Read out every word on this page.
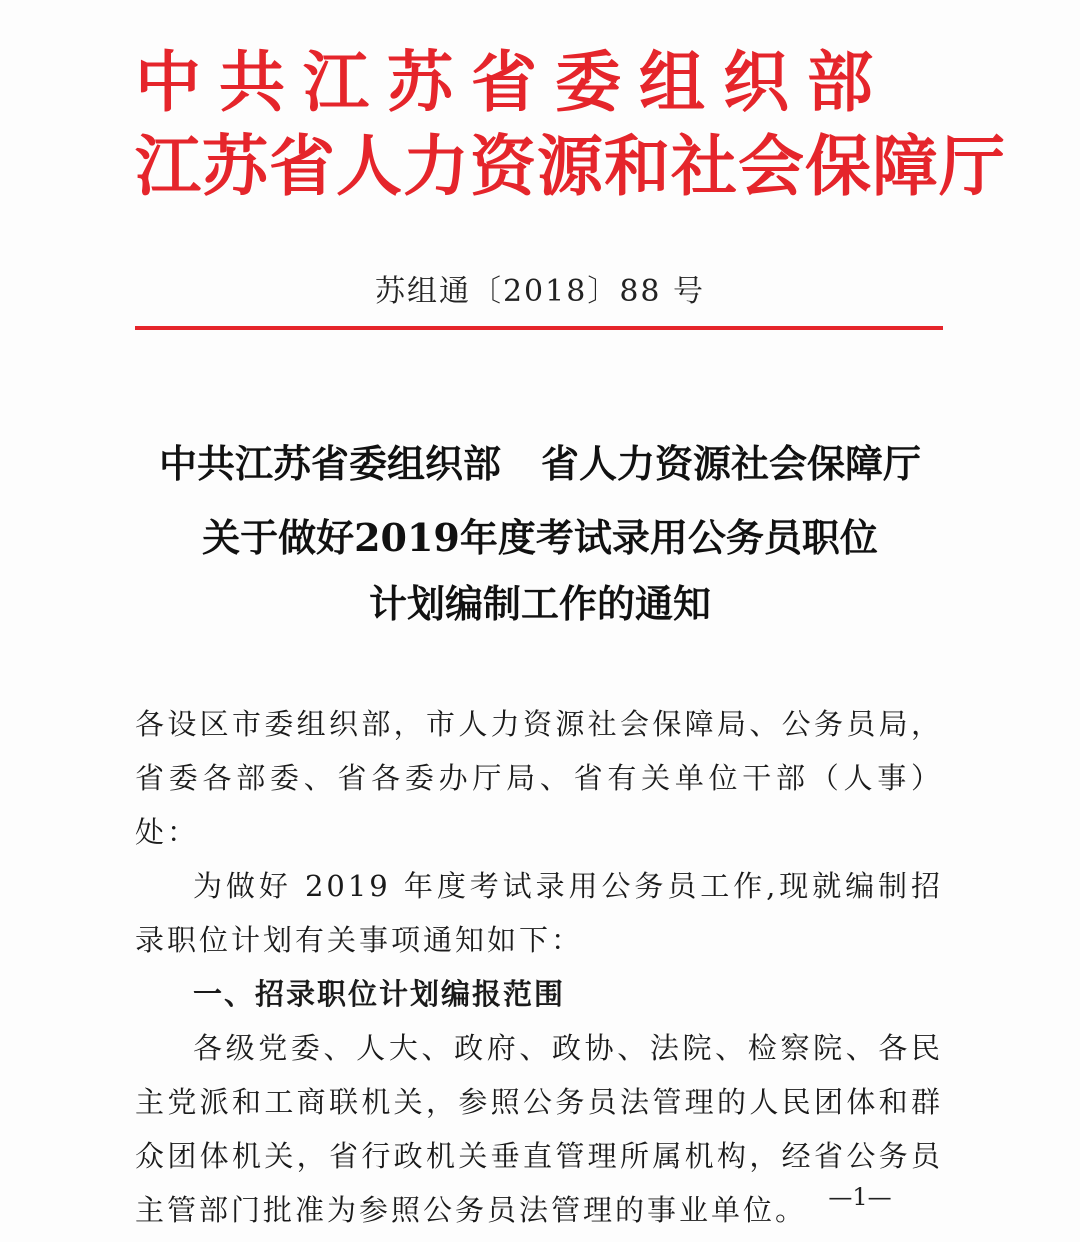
中共江苏省委组织部
江苏省人力资源和社会保障厅
苏组通〔2018〕88 号
中共江苏省委组织部 省人力资源社会保障厅
关于做好2019年度考试录用公务员职位
计划编制工作的通知

各设区市委组织部，市人力资源社会保障局、公务员局，省委各部委、省各委办厅局、省有关单位干部（人事）处：

为做好 2019 年度考试录用公务员工作,现就编制招录职位计划有关事项通知如下：

一、招录职位计划编报范围

各级党委、人大、政府、政协、法院、检察院、各民主党派和工商联机关，参照公务员法管理的人民团体和群众团体机关，省行政机关垂直管理所属机构，经省公务员主管部门批准为参照公务员法管理的事业单位。 —1—
